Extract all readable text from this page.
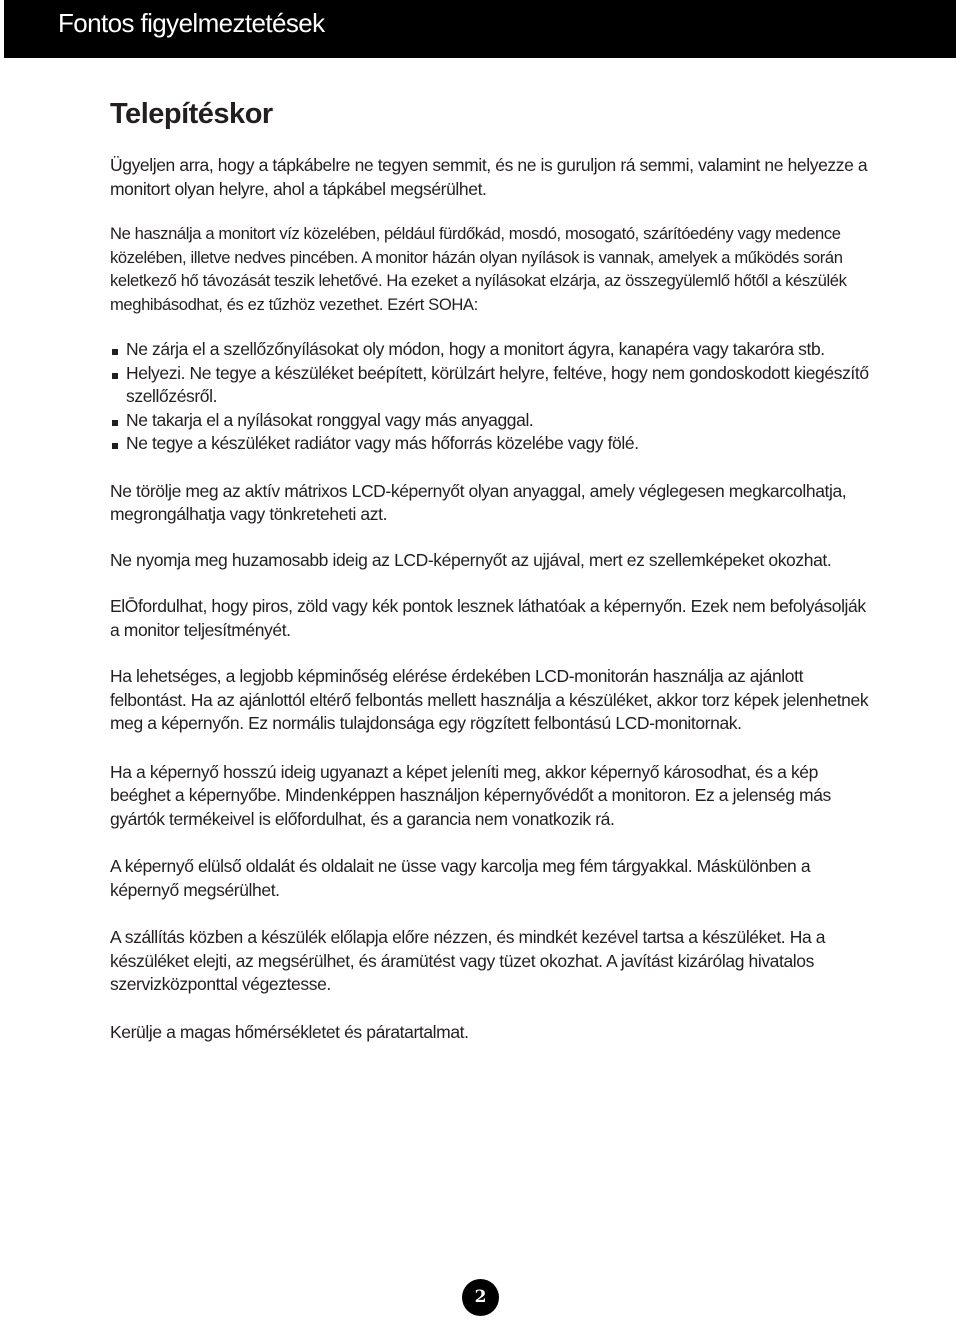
Fontos figyelmeztetések
Telepítéskor

Ügyeljen arra, hogy a tápkábelre ne tegyen semmit, és ne is guruljon rá semmi, valamint ne helyezze a monitort olyan helyre, ahol a tápkábel megsérülhet.

Ne használja a monitort víz közelében, például fürdőkád, mosdó, mosogató, szárítóedény vagy medence közelében, illetve nedves pincében. A monitor házán olyan nyílások is vannak, amelyek a működés során keletkező hő távozását teszik lehetővé. Ha ezeket a nyílásokat elzárja, az összegyülemlő hőtől a készülék meghibásodhat, és ez tűzhöz vezethet. Ezért SOHA:

Ne zárja el a szellőzőnyílásokat oly módon, hogy a monitort ágyra, kanapéra vagy takaróra stb.
Helyezi. Ne tegye a készüléket beépített, körülzárt helyre, feltéve, hogy nem gondoskodott kiegészítő szellőzésről.
Ne takarja el a nyílásokat ronggyal vagy más anyaggal.
Ne tegye a készüléket radiátor vagy más hőforrás közelébe vagy fölé.

Ne törölje meg az aktív mátrixos LCD-képernyőt olyan anyaggal, amely véglegesen megkarcolhatja, megrongálhatja vagy tönkreteheti azt.

Ne nyomja meg huzamosabb ideig az LCD-képernyőt az ujjával, mert ez szellemképeket okozhat.

ElŌfordulhat, hogy piros, zöld vagy kék pontok lesznek láthatóak a képernyőn. Ezek nem befolyásolják a monitor teljesítményét.

Ha lehetséges, a legjobb képminőség elérése érdekében LCD-monitorán használja az ajánlott felbontást. Ha az ajánlottól eltérő felbontás mellett használja a készüléket, akkor torz képek jelenhetnek meg a képernyőn. Ez normális tulajdonsága egy rögzített felbontású LCD-monitornak.

Ha a képernyő hosszú ideig ugyanazt a képet jeleníti meg, akkor képernyő károsodhat, és a kép beéghet a képernyőbe. Mindenképpen használjon képernyővédőt a monitoron. Ez a jelenség más gyártók termékeivel is előfordulhat, és a garancia nem vonatkozik rá.

A képernyő elülső oldalát és oldalait ne üsse vagy karcolja meg fém tárgyakkal. Máskülönben a képernyő megsérülhet.

A szállítás közben a készülék előlapja előre nézzen, és mindkét kezével tartsa a készüléket. Ha a készüléket elejti, az megsérülhet, és áramütést vagy tüzet okozhat. A javítást kizárólag hivatalos szervizközponttal végeztesse.

Kerülje a magas hőmérsékletet és páratartalmat.

2
